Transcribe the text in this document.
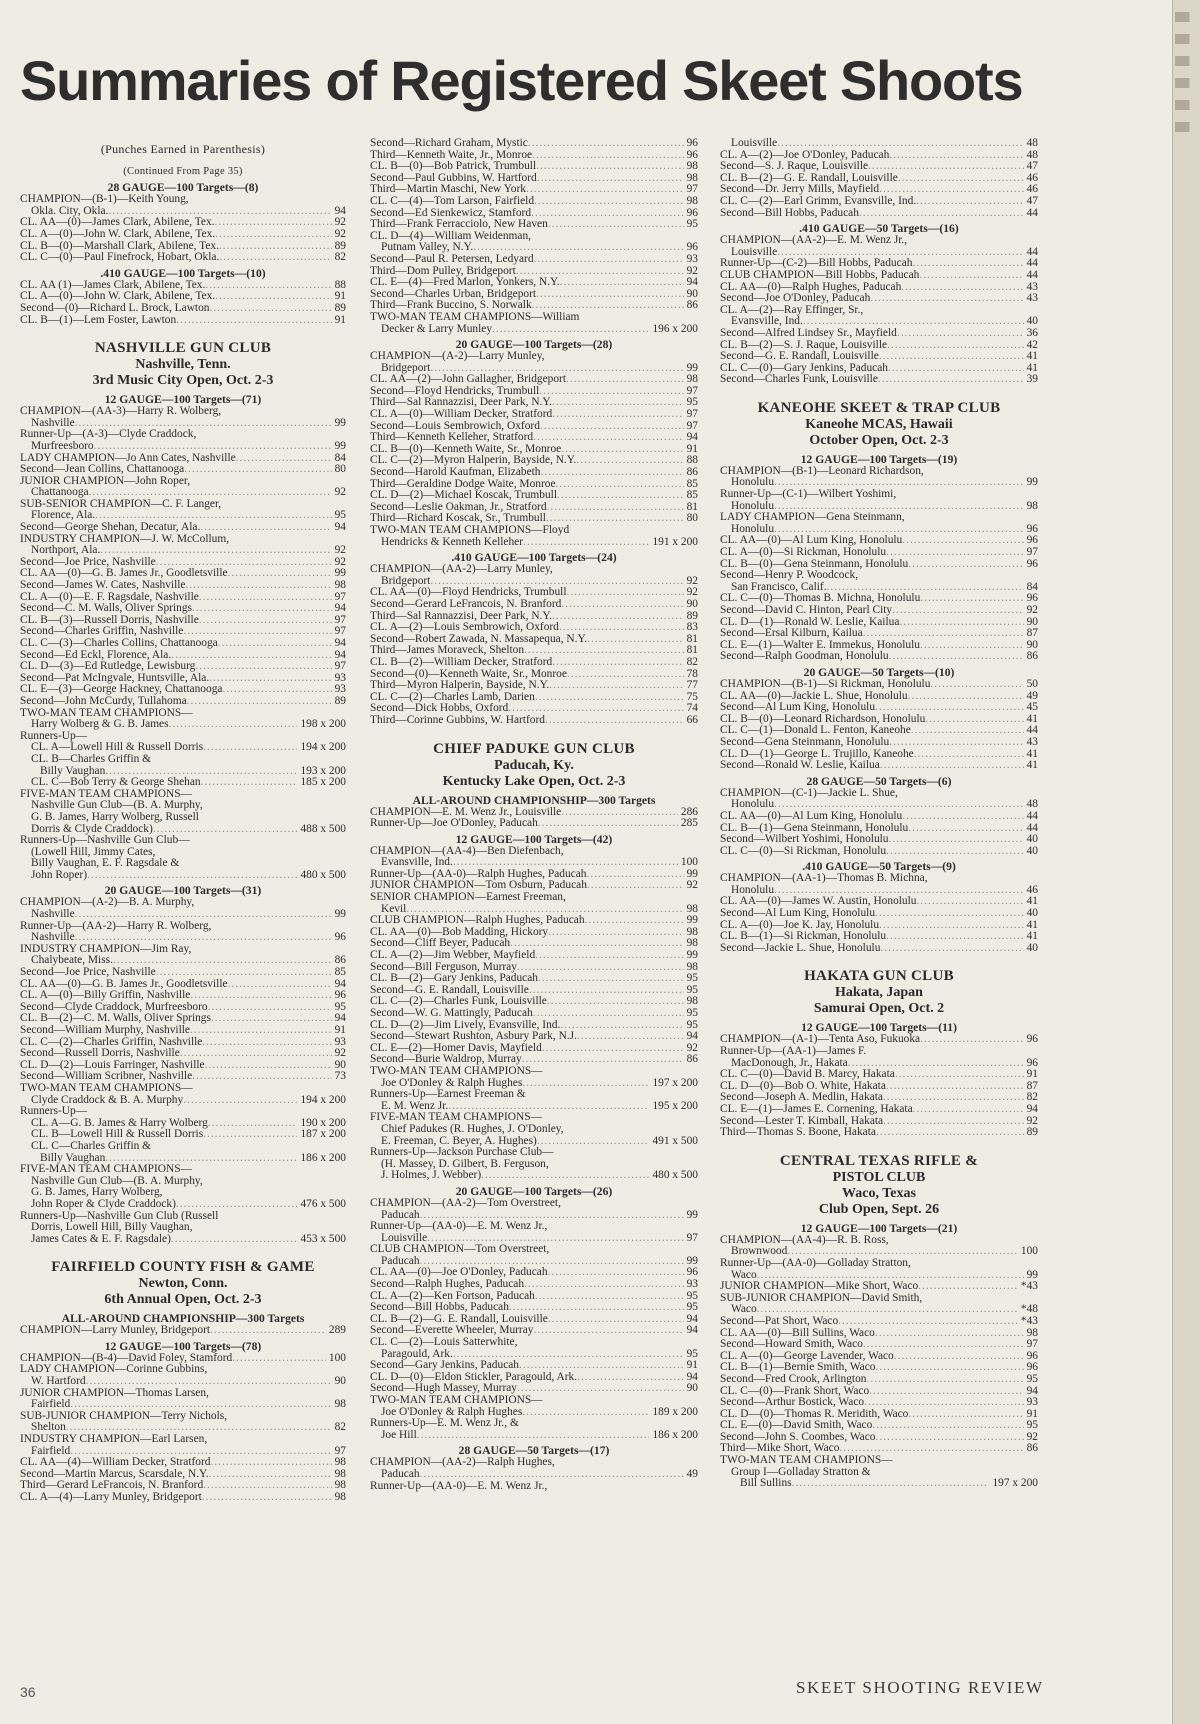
Summaries of Registered Skeet Shoots
(Punches Earned in Parenthesis)
(Continued From Page 35)
28 GAUGE—100 Targets—(8)
CHAMPION—(B-1)—Keith Young,
Okla. City, Okla. .....	94
CL. AA—(0)—James Clark, Abilene, Tex. .....	92
CL. A—(0)—John W. Clark, Abilene, Tex. .....	92
CL. B—(0)—Marshall Clark, Abilene, Tex. .....	89
CL. C—(0)—Paul Finefrock, Hobart, Okla. .....	82
.410 GAUGE—100 Targets—(10)
CL. AA (1)—James Clark, Abilene, Tex. .....	88
CL. A—(0)—John W. Clark, Abilene, Tex. .....	91
Second—(0)—Richard L. Brock, Lawton .....	89
CL. B—(1)—Lem Foster, Lawton .....	91
NASHVILLE GUN CLUB
Nashville, Tenn.
3rd Music City Open, Oct. 2-3
12 GAUGE—100 Targets—(71)
CHAMPION—(AA-3)—Harry R. Wolberg,
Nashville .....	99
Runner-Up—(A-3)—Clyde Craddock,
Murfreesboro .....	99
LADY CHAMPION—Jo Ann Cates, Nashville .....	84
Second—Jean Collins, Chattanooga .....	80
JUNIOR CHAMPION—John Roper,
Chattanooga .....	92
SUB-SENIOR CHAMPION—C. F. Langer,
Florence, Ala. .....	95
Second—George Shehan, Decatur, Ala. .....	94
INDUSTRY CHAMPION—J. W. McCollum,
Northport, Ala. .....	92
Second—Joe Price, Nashville .....	92
CL. AA—(0)—G. B. James Jr., Goodletsville .....	99
Second—James W. Cates, Nashville .....	98
CL. A—(0)—E. F. Ragsdale, Nashville .....	97
Second—C. M. Walls, Oliver Springs .....	94
CL. B—(3)—Russell Dorris, Nashville .....	97
Second—Charles Griffin, Nashville .....	97
CL. C—(3)—Charles Collins, Chattanooga .....	94
Second—Ed Eckl, Florence, Ala. .....	94
CL. D—(3)—Ed Rutledge, Lewisburg .....	97
Second—Pat McIngvale, Huntsville, Ala. .....	93
CL. E—(3)—George Hackney, Chattanooga .....	93
Second—John McCurdy, Tullahoma .....	89
TWO-MAN TEAM CHAMPIONS—
Harry Wolberg & G. B. James .....	198 x 200
Runners-Up—
CL. A—Lowell Hill & Russell Dorris .....	194 x 200
CL. B—Charles Griffin &
Billy Vaughan .....	193 x 200
CL. C—Bob Terry & George Shehan .....	185 x 200
FIVE-MAN TEAM CHAMPIONS—
Nashville Gun Club—(B. A. Murphy,
G. B. James, Harry Wolberg, Russell
Dorris & Clyde Craddock) .....	488 x 500
Runners-Up—Nashville Gun Club—
(Lowell Hill, Jimmy Cates,
Billy Vaughan, E. F. Ragsdale &
John Roper) .....	480 x 500
20 GAUGE—100 Targets—(31)
CHAMPION—(A-2)—B. A. Murphy,
Nashville .....	99
Runner-Up—(AA-2)—Harry R. Wolberg,
Nashville .....	96
INDUSTRY CHAMPION—Jim Ray,
Chalybeate, Miss. .....	86
Second—Joe Price, Nashville .....	85
CL. AA—(0)—G. B. James Jr., Goodletsville .....	94
CL. A—(0)—Billy Griffin, Nashville .....	96
Second—Clyde Craddock, Murfreesboro .....	95
CL. B—(2)—C. M. Walls, Oliver Springs .....	94
Second—William Murphy, Nashville .....	91
CL. C—(2)—Charles Griffin, Nashville .....	93
Second—Russell Dorris, Nashville .....	92
CL. D—(2)—Louis Farringer, Nashville .....	90
Second—William Scribner, Nashville .....	73
TWO-MAN TEAM CHAMPIONS—
Clyde Craddock & B. A. Murphy .....	194 x 200
Runners-Up—
CL. A—G. B. James & Harry Wolberg .....	190 x 200
CL. B—Lowell Hill & Russell Dorris .....	187 x 200
CL. C—Charles Griffin &
Billy Vaughan .....	186 x 200
FIVE-MAN TEAM CHAMPIONS—
Nashville Gun Club—(B. A. Murphy,
G. B. James, Harry Wolberg,
John Roper & Clyde Craddock) .....	476 x 500
Runners-Up—Nashville Gun Club (Russell
Dorris, Lowell Hill, Billy Vaughan,
James Cates & E. F. Ragsdale) .....	453 x 500
FAIRFIELD COUNTY FISH & GAME
Newton, Conn.
6th Annual Open, Oct. 2-3
ALL-AROUND CHAMPIONSHIP—300 Targets
CHAMPION—Larry Munley, Bridgeport .....	289
12 GAUGE—100 Targets—(78)
CHAMPION—(B-4)—David Foley, Stamford .....	100
LADY CHAMPION—Corinne Gubbins,
W. Hartford .....	90
JUNIOR CHAMPION—Thomas Larsen,
Fairfield .....	98
SUB-JUNIOR CHAMPION—Terry Nichols,
Shelton .....	82
INDUSTRY CHAMPION—Earl Larsen,
Fairfield .....	97
CL. AA—(4)—William Decker, Stratford .....	98
Second—Martin Marcus, Scarsdale, N.Y. .....	98
Third—Gerard LeFrancois, N. Branford .....	98
CL. A—(4)—Larry Munley, Bridgeport .....	98
Second—Richard Graham, Mystic .....	96
Third—Kenneth Waite, Jr., Monroe .....	96
CL. B—(0)—Bob Patrick, Trumbull .....	98
Second—Paul Gubbins, W. Hartford .....	98
Third—Martin Maschi, New York .....	97
CL. C—(4)—Tom Larson, Fairfield .....	98
Second—Ed Sienkewicz, Stamford .....	96
Third—Frank Ferracciolo, New Haven .....	95
CL. D—(4)—William Weidenman,
Putnam Valley, N.Y. .....	96
Second—Paul R. Petersen, Ledyard .....	93
Third—Dom Pulley, Bridgeport .....	92
CL. E—(4)—Fred Marlon, Yonkers, N.Y. .....	94
Second—Charles Urban, Bridgeport .....	90
Third—Frank Buccino, S. Norwalk .....	86
TWO-MAN TEAM CHAMPIONS—William
Decker & Larry Munley .....	196 x 200
20 GAUGE—100 Targets—(28)
CHAMPION—(A-2)—Larry Munley,
Bridgeport .....	99
CL. AA—(2)—John Gallagher, Bridgeport .....	98
Second—Floyd Hendricks, Trumbull .....	97
Third—Sal Rannazzisi, Deer Park, N.Y. .....	95
CL. A—(0)—William Decker, Stratford .....	97
Second—Louis Sembrowich, Oxford .....	97
Third—Kenneth Kelleher, Stratford .....	94
CL. B—(0)—Kenneth Waite, Sr., Monroe .....	91
CL. C—(2)—Myron Halperin, Bayside, N.Y. .....	88
Second—Harold Kaufman, Elizabeth .....	86
Third—Geraldine Dodge Waite, Monroe .....	85
CL. D—(2)—Michael Koscak, Trumbull .....	85
Second—Leslie Oakman, Jr., Stratford .....	81
Third—Richard Koscak, Sr., Trumbull .....	80
TWO-MAN TEAM CHAMPIONS—Floyd
Hendricks & Kenneth Kelleher .....	191 x 200
.410 GAUGE—100 Targets—(24)
CHAMPION—(AA-2)—Larry Munley,
Bridgeport .....	92
CL. AA—(0)—Floyd Hendricks, Trumbull .....	92
Second—Gerard LeFrancois, N. Branford .....	90
Third—Sal Rannazzisi, Deer Park, N.Y. .....	89
CL. A—(2)—Louis Sembrowich, Oxford .....	83
Second—Robert Zawada, N. Massapequa, N.Y. .....	81
Third—James Moraveck, Shelton .....	81
CL. B—(2)—William Decker, Stratford .....	82
Second—(0)—Kenneth Waite, Sr., Monroe .....	78
Third—Myron Halperin, Bayside, N.Y. .....	77
CL. C—(2)—Charles Lamb, Darien .....	75
Second—Dick Hobbs, Oxford .....	74
Third—Corinne Gubbins, W. Hartford .....	66
CHIEF PADUKE GUN CLUB
Paducah, Ky.
Kentucky Lake Open, Oct. 2-3
ALL-AROUND CHAMPIONSHIP—300 Targets
CHAMPION—E. M. Wenz Jr., Louisville .....	286
Runner-Up—Joe O'Donley, Paducah .....	285
12 GAUGE—100 Targets—(42)
CHAMPION—(AA-4)—Ben Diefenbach,
Evansville, Ind. .....	100
Runner-Up—(AA-0)—Ralph Hughes, Paducah .....	99
JUNIOR CHAMPION—Tom Osburn, Paducah .....	92
SENIOR CHAMPION—Earnest Freeman,
Kevil .....	98
CLUB CHAMPION—Ralph Hughes, Paducah .....	99
CL. AA—(0)—Bob Madding, Hickory .....	98
Second—Cliff Beyer, Paducah .....	98
CL. A—(2)—Jim Webber, Mayfield .....	99
Second—Bill Ferguson, Murray .....	98
CL. B—(2)—Gary Jenkins, Paducah .....	95
Second—G. E. Randall, Louisville .....	95
CL. C—(2)—Charles Funk, Louisville .....	98
Second—W. G. Mattingly, Paducah .....	95
CL. D—(2)—Jim Lively, Evansville, Ind. .....	95
Second—Stewart Rushton, Asbury Park, N.J. .....	94
CL. E—(2)—Homer Davis, Mayfield .....	92
Second—Burie Waldrop, Murray .....	86
TWO-MAN TEAM CHAMPIONS—
Joe O'Donley & Ralph Hughes .....	197 x 200
Runners-Up—Earnest Freeman &
E. M. Wenz Jr. .....	195 x 200
FIVE-MAN TEAM CHAMPIONS—
Chief Padukes (R. Hughes, J. O'Donley,
E. Freeman, C. Beyer, A. Hughes) .....	491 x 500
Runners-Up—Jackson Purchase Club—
(H. Massey, D. Gilbert, B. Ferguson,
J. Holmes, J. Webber) .....	480 x 500
20 GAUGE—100 Targets—(26)
CHAMPION—(AA-2)—Tom Overstreet,
Paducah .....	99
Runner-Up—(AA-0)—E. M. Wenz Jr.,
Louisville .....	97
CLUB CHAMPION—Tom Overstreet,
Paducah .....	99
CL. AA—(0)—Joe O'Donley, Paducah .....	96
Second—Ralph Hughes, Paducah .....	93
CL. A—(2)—Ken Fortson, Paducah .....	95
Second—Bill Hobbs, Paducah .....	95
CL. B—(2)—G. E. Randall, Louisville .....	94
Second—Everette Wheeler, Murray .....	94
CL. C—(2)—Louis Satterwhite,
Paragould, Ark. .....	95
Second—Gary Jenkins, Paducah .....	91
CL. D—(0)—Eldon Stickler, Paragould, Ark. .....	94
Second—Hugh Massey, Murray .....	90
TWO-MAN TEAM CHAMPIONS—
Joe O'Donley & Ralph Hughes .....	189 x 200
Runners-Up—E. M. Wenz Jr., &
Joe Hill .....	186 x 200
28 GAUGE—50 Targets—(17)
CHAMPION—(AA-2)—Ralph Hughes,
Paducah .....	49
Runner-Up—(AA-0)—E. M. Wenz Jr.,
Louisville .....	48
CL. A—(2)—Joe O'Donley, Paducah .....	48
Second—S. J. Raque, Louisville .....	47
CL. B—(2)—G. E. Randall, Louisville .....	46
Second—Dr. Jerry Mills, Mayfield .....	46
CL. C—(2)—Earl Grimm, Evansville, Ind. .....	47
Second—Bill Hobbs, Paducah .....	44
.410 GAUGE—50 Targets—(16)
CHAMPION—(AA-2)—E. M. Wenz Jr.,
Louisville .....	44
Runner-Up—(C-2)—Bill Hobbs, Paducah .....	44
CLUB CHAMPION—Bill Hobbs, Paducah .....	44
CL. AA—(0)—Ralph Hughes, Paducah .....	43
Second—Joe O'Donley, Paducah .....	43
CL. A—(2)—Ray Effinger, Sr.,
Evansville, Ind. .....	40
Second—Alfred Lindsey Sr., Mayfield .....	36
CL. B—(2)—S. J. Raque, Louisville .....	42
Second—G. E. Randall, Louisville .....	41
CL. C—(0)—Gary Jenkins, Paducah .....	41
Second—Charles Funk, Louisville .....	39
KANEOHE SKEET & TRAP CLUB
Kaneohe MCAS, Hawaii
October Open, Oct. 2-3
12 GAUGE—100 Targets—(19)
CHAMPION—(B-1)—Leonard Richardson,
Honolulu .....	99
Runner-Up—(C-1)—Wilbert Yoshimi,
Honolulu .....	98
LADY CHAMPION—Gena Steinmann,
Honolulu .....	96
CL. AA—(0)—Al Lum King, Honolulu .....	96
CL. A—(0)—Si Rickman, Honolulu .....	97
CL. B—(0)—Gena Steinmann, Honolulu .....	96
Second—Henry P. Woodcock,
San Francisco, Calif. .....	84
CL. C—(0)—Thomas B. Michna, Honolulu .....	96
Second—David C. Hinton, Pearl City .....	92
CL. D—(1)—Ronald W. Leslie, Kailua .....	90
Second—Ersal Kilburn, Kailua .....	87
CL. E—(1)—Walter E. Immekus, Honolulu .....	90
Second—Ralph Goodman, Honolulu .....	86
20 GAUGE—50 Targets—(10)
CHAMPION—(B-1)—Si Rickman, Honolulu .....	50
CL. AA—(0)—Jackie L. Shue, Honolulu .....	49
Second—Al Lum King, Honolulu .....	45
CL. B—(0)—Leonard Richardson, Honolulu .....	41
CL. C—(1)—Donald L. Fenton, Kaneohe .....	44
Second—Gena Steinmann, Honolulu .....	43
CL. D—(1)—George L. Trujillo, Kaneohe .....	41
Second—Ronald W. Leslie, Kailua .....	41
28 GAUGE—50 Targets—(6)
CHAMPION—(C-1)—Jackie L. Shue,
Honolulu .....	48
CL. AA—(0)—Al Lum King, Honolulu .....	44
CL. B—(1)—Gena Steinmann, Honolulu .....	44
Second—Wilbert Yoshimi, Honolulu .....	40
CL. C—(0)—Si Rickman, Honolulu .....	40
.410 GAUGE—50 Targets—(9)
CHAMPION—(AA-1)—Thomas B. Michna,
Honolulu .....	46
CL. AA—(0)—James W. Austin, Honolulu .....	41
Second—Al Lum King, Honolulu .....	40
CL. A—(0)—Joe K. Jay, Honolulu .....	41
CL. B—(1)—Si Rickman, Honolulu .....	41
Second—Jackie L. Shue, Honolulu .....	40
HAKATA GUN CLUB
Hakata, Japan
Samurai Open, Oct. 2
12 GAUGE—100 Targets—(11)
CHAMPION—(A-1)—Tenta Aso, Fukuoka .....	96
Runner-Up—(AA-1)—James F.
MacDonough, Jr., Hakata .....	96
CL. C—(0)—David B. Marcy, Hakata .....	91
CL. D—(0)—Bob O. White, Hakata .....	87
Second—Joseph A. Medlin, Hakata .....	82
CL. E—(1)—James E. Cornening, Hakata .....	94
Second—Lester T. Kimball, Hakata .....	92
Third—Thomas S. Boone, Hakata .....	89
CENTRAL TEXAS RIFLE &
PISTOL CLUB
Waco, Texas
Club Open, Sept. 26
12 GAUGE—100 Targets—(21)
CHAMPION—(AA-4)—R. B. Ross,
Brownwood .....	100
Runner-Up—(AA-0)—Golladay Stratton,
Waco .....	99
JUNIOR CHAMPION—Mike Short, Waco .....	*43
SUB-JUNIOR CHAMPION—David Smith,
Waco .....	*48
Second—Pat Short, Waco .....	*43
CL. AA—(0)—Bill Sullins, Waco .....	98
Second—Howard Smith, Waco .....	97
CL. A—(0)—George Lavender, Waco .....	96
CL. B—(1)—Bernie Smith, Waco .....	96
Second—Fred Crook, Arlington .....	95
CL. C—(0)—Frank Short, Waco .....	94
Second—Arthur Bostick, Waco .....	93
CL. D—(0)—Thomas R. Meridith, Waco .....	91
CL. E—(0)—David Smith, Waco .....	95
Second—John S. Coombes, Waco .....	92
Third—Mike Short, Waco .....	86
TWO-MAN TEAM CHAMPIONS—
Group I—Golladay Stratton &
Bill Sullins .....	197 x 200
36	SKEET SHOOTING REVIEW
